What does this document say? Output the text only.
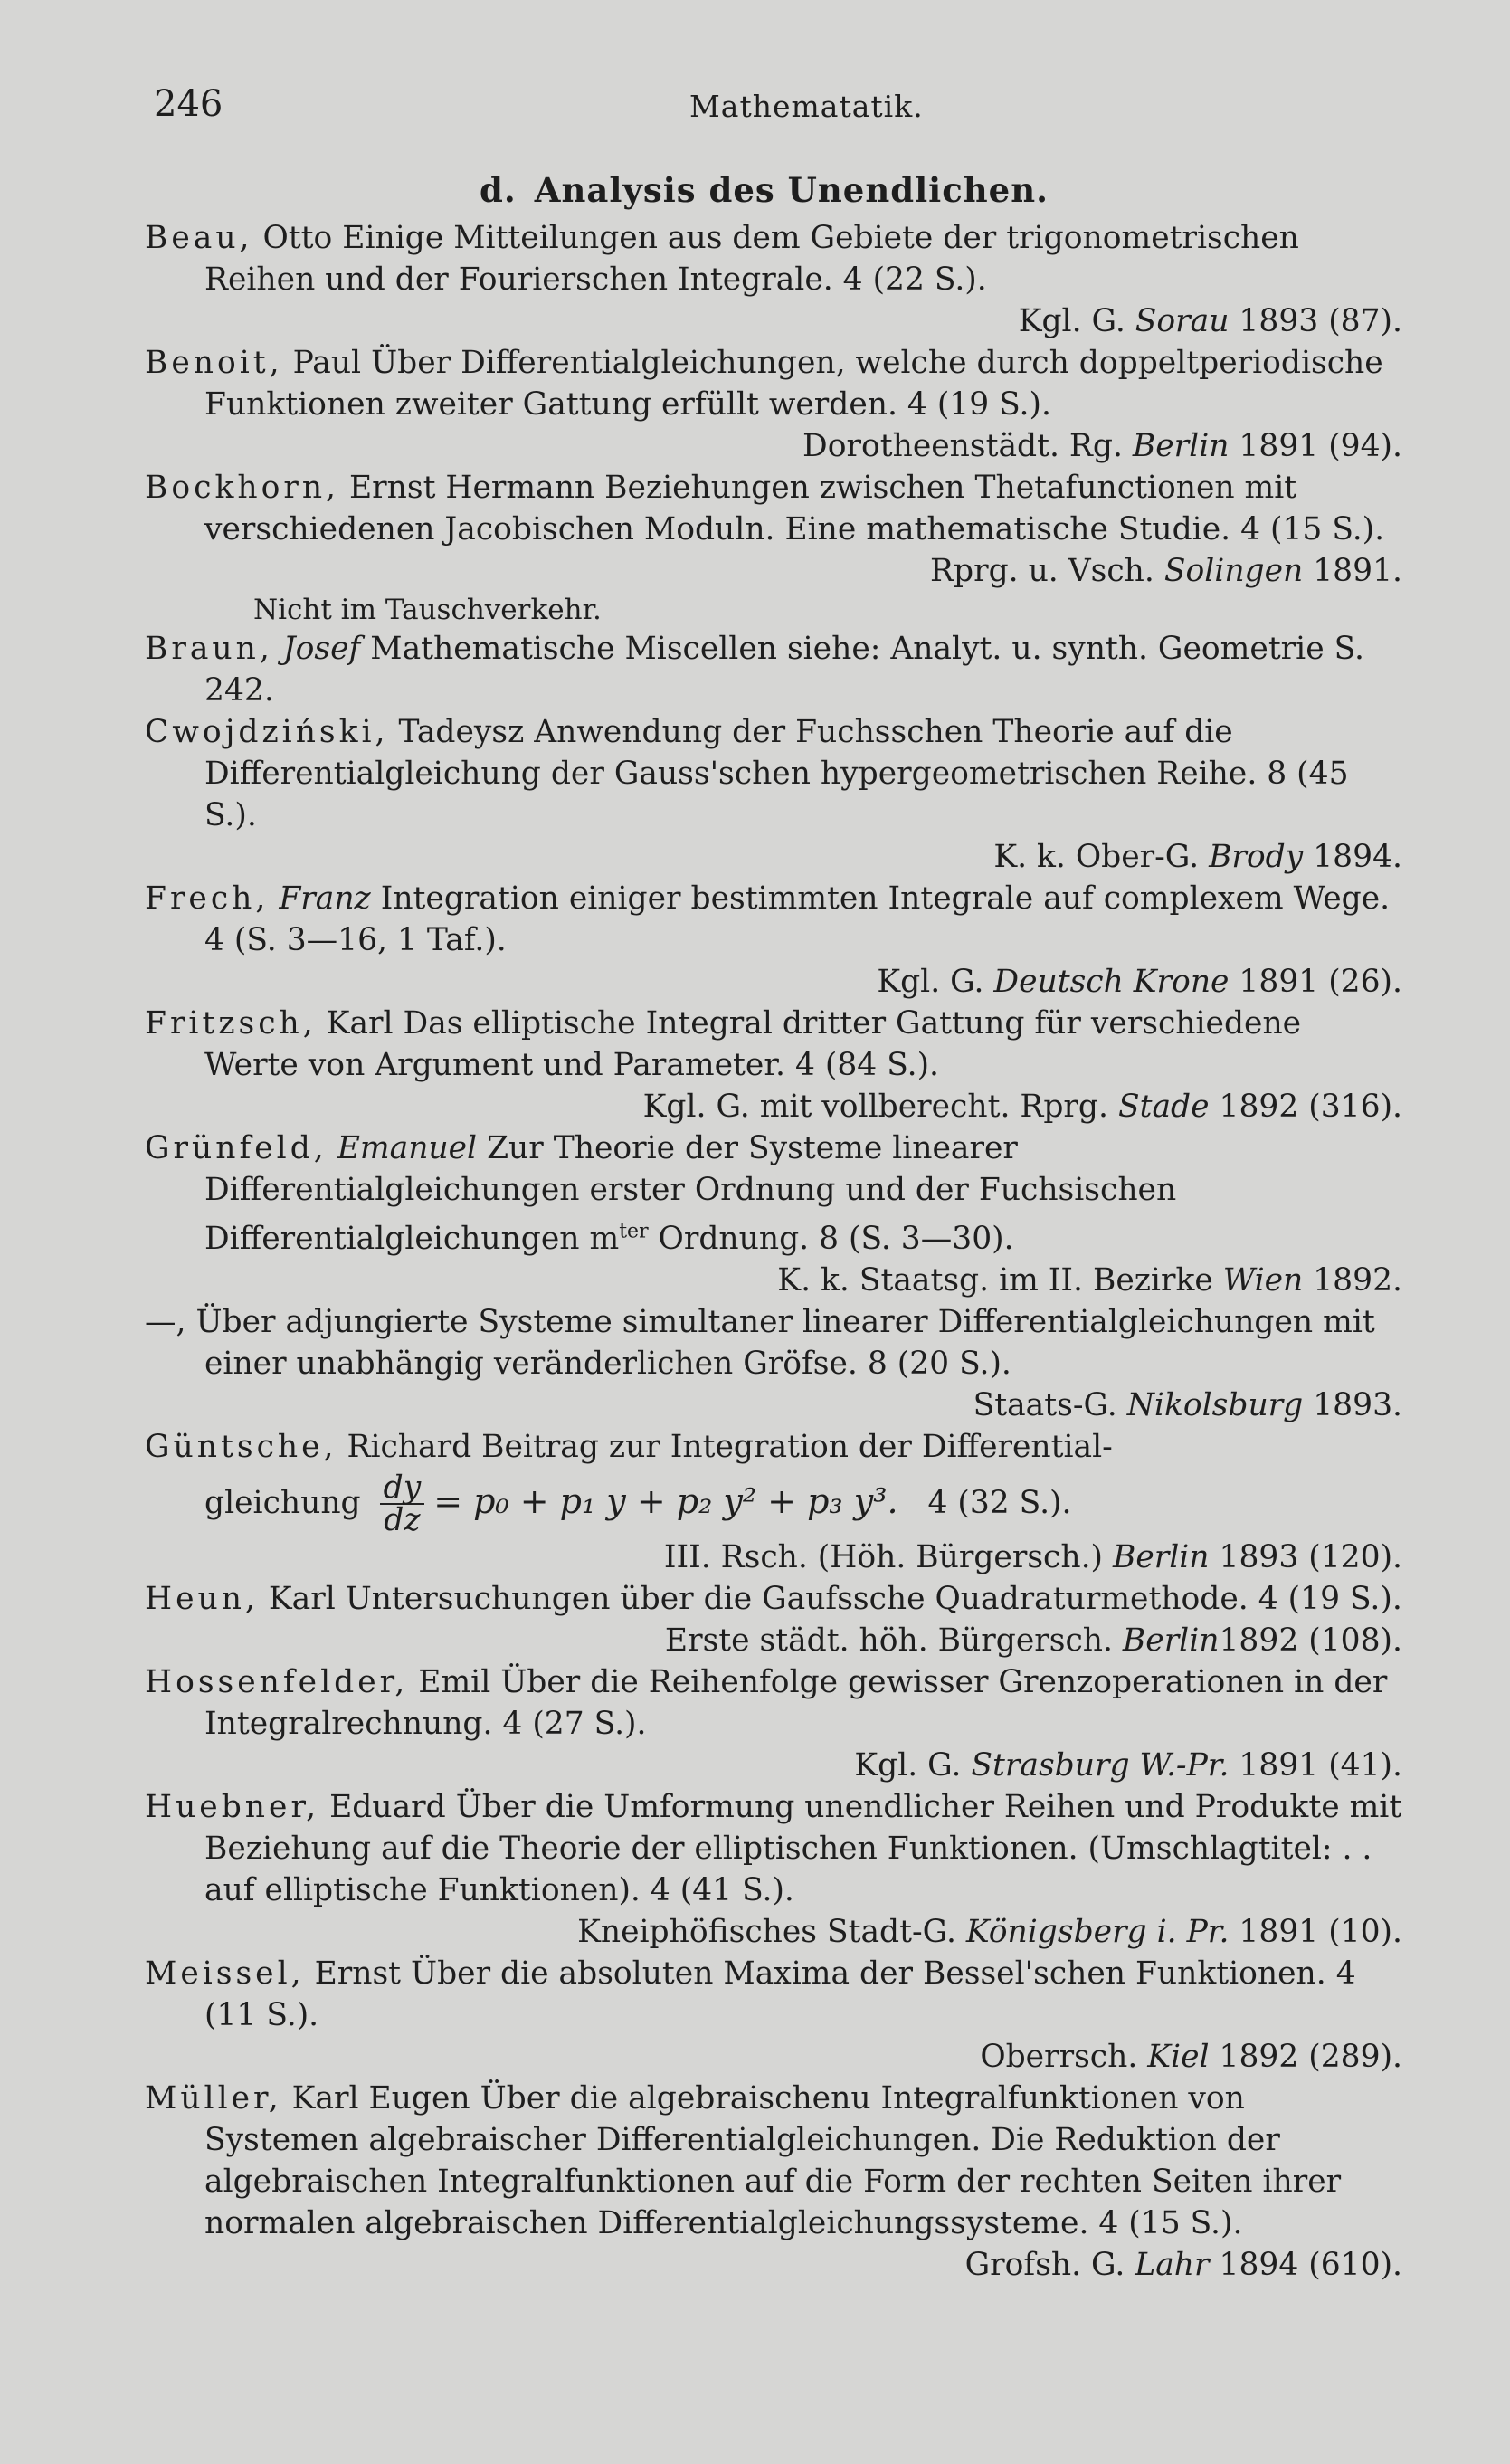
246	Mathematatik.
d. Analysis des Unendlichen.
Beau, Otto Einige Mitteilungen aus dem Gebiete der trigonometrischen Reihen und der Fourierschen Integrale. 4 (22 S.).
Kgl. G. Sorau 1893 (87).
Benoit, Paul Über Differentialgleichungen, welche durch doppeltperiodische Funktionen zweiter Gattung erfüllt werden. 4 (19 S.).
Dorotheenstädt. Rg. Berlin 1891 (94).
Bockhorn, Ernst Hermann Beziehungen zwischen Thetafunctionen mit verschiedenen Jacobischen Moduln. Eine mathematische Studie. 4 (15 S.).
Rprg. u. Vsch. Solingen 1891.
Nicht im Tauschverkehr.
Braun, Josef Mathematische Miscellen siehe: Analyt. u. synth. Geometrie S. 242.
Cwojdziński, Tadeysz Anwendung der Fuchsschen Theorie auf die Differentialgleichung der Gauss'schen hypergeometrischen Reihe. 8 (45 S.).
K. k. Ober-G. Brody 1894.
Frech, Franz Integration einiger bestimmten Integrale auf complexem Wege. 4 (S. 3—16, 1 Taf.).
Kgl. G. Deutsch Krone 1891 (26).
Fritzsch, Karl Das elliptische Integral dritter Gattung für verschiedene Werte von Argument und Parameter. 4 (84 S.).
Kgl. G. mit vollberecht. Rprg. Stade 1892 (316).
Grünfeld, Emanuel Zur Theorie der Systeme linearer Differentialgleichungen erster Ordnung und der Fuchsischen Differentialgleichungen $m^{ter}$ Ordnung. 8 (S. 3—30).
K. k. Staatsg. im II. Bezirke Wien 1892.
—, Über adjungierte Systeme simultaner linearer Differentialgleichungen mit einer unabhängig veränderlichen Gröfse. 8 (20 S.).
Staats-G. Nikolsburg 1893.
Güntsche, Richard Beitrag zur Integration der Differential-
gleichung $\frac{dy}{dz} = p_0 + p_1$ y + p₂ y² + p₃ y³. 4 (32 S.).
III. Rsch. (Höh. Bürgersch.) Berlin 1893 (120).
Heun, Karl Untersuchungen über die Gaufssche Quadraturmethode. 4 (19 S.).
Erste städt. höh. Bürgersch. Berlin1892 (108).
Hossenfelder, Emil Über die Reihenfolge gewisser Grenzoperationen in der Integralrechnung. 4 (27 S.).
Kgl. G. Strasburg W.-Pr. 1891 (41).
Huebner, Eduard Über die Umformung unendlicher Reihen und Produkte mit Beziehung auf die Theorie der elliptischen Funktionen. (Umschlagtitel: . . auf elliptische Funktionen). 4 (41 S.).
Kneiphöfisches Stadt-G. Königsberg i. Pr. 1891 (10).
Meissel, Ernst Über die absoluten Maxima der Bessel'schen Funktionen. 4 (11 S.).
Oberrsch. Kiel 1892 (289).
Müller, Karl Eugen Über die algebraischenu Integralfunktionen von Systemen algebraischer Differentialgleichungen. Die Reduktion der algebraischen Integralfunktionen auf die Form der rechten Seiten ihrer normalen algebraischen Differentialgleichungssysteme. 4 (15 S.).
Grofsh. G. Lahr 1894 (610).
